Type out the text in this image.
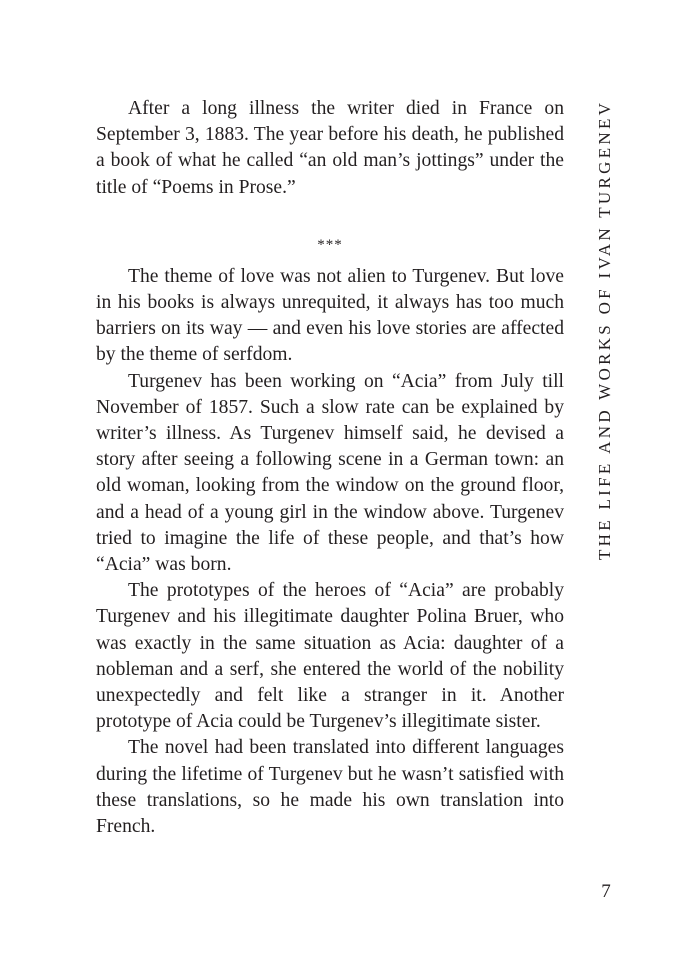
After a long illness the writer died in France on September 3, 1883. The year before his death, he published a book of what he called “an old man’s jottings” under the title of “Poems in Prose.”

***

The theme of love was not alien to Turgenev. But love in his books is always unrequited, it always has too much barriers on its way — and even his love stories are affected by the theme of serfdom.

Turgenev has been working on “Acia” from July till November of 1857. Such a slow rate can be explained by writer’s illness. As Turgenev himself said, he devised a story after seeing a following scene in a German town: an old woman, looking from the window on the ground floor, and a head of a young girl in the window above. Turgenev tried to imagine the life of these people, and that’s how “Acia” was born.

The prototypes of the heroes of “Acia” are probably Turgenev and his illegitimate daughter Polina Bruer, who was exactly in the same situation as Acia: daughter of a nobleman and a serf, she entered the world of the nobility unexpectedly and felt like a stranger in it. Another prototype of Acia could be Turgenev’s illegitimate sister.

The novel had been translated into different languages during the lifetime of Turgenev but he wasn’t satisfied with these translations, so he made his own translation into French.

THE LIFE AND WORKS OF IVAN TURGENEV
7
